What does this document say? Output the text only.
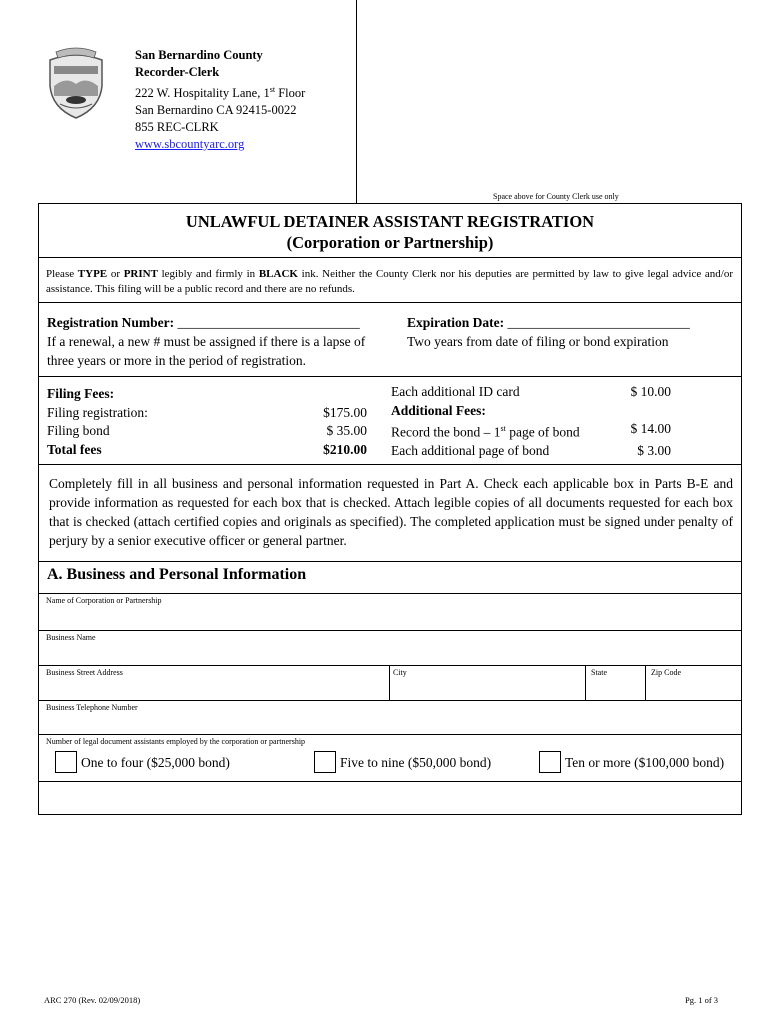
San Bernardino County
Recorder-Clerk
222 W. Hospitality Lane, 1st Floor
San Bernardino CA 92415-0022
855 REC-CLRK
www.sbcountyarc.org
Space above for County Clerk use only
UNLAWFUL DETAINER ASSISTANT REGISTRATION
(Corporation or Partnership)
Please TYPE or PRINT legibly and firmly in BLACK ink. Neither the County Clerk nor his deputies are permitted by law to give legal advice and/or assistance. This filing will be a public record and there are no refunds.
Registration Number: ___________________________
If a renewal, a new # must be assigned if there is a lapse of three years or more in the period of registration.
Expiration Date: ___________________________
Two years from date of filing or bond expiration
Filing Fees:
Filing registration:	$175.00
Filing bond	$ 35.00
Total fees	$210.00
Each additional ID card	$ 10.00
Additional Fees:
Record the bond – 1st page of bond	$ 14.00
Each additional page of bond	$ 3.00
Completely fill in all business and personal information requested in Part A. Check each applicable box in Parts B-E and provide information as requested for each box that is checked. Attach legible copies of all documents requested for each box that is checked (attach certified copies and originals as specified). The completed application must be signed under penalty of perjury by a senior executive officer or general partner.
A. Business and Personal Information
Name of Corporation or Partnership
Business Name
Business Street Address	City	State	Zip Code
Business Telephone Number
Number of legal document assistants employed by the corporation or partnership
One to four ($25,000 bond)	Five to nine ($50,000 bond)	Ten or more ($100,000 bond)
ARC 270 (Rev. 02/09/2018)	Pg. 1 of 3
